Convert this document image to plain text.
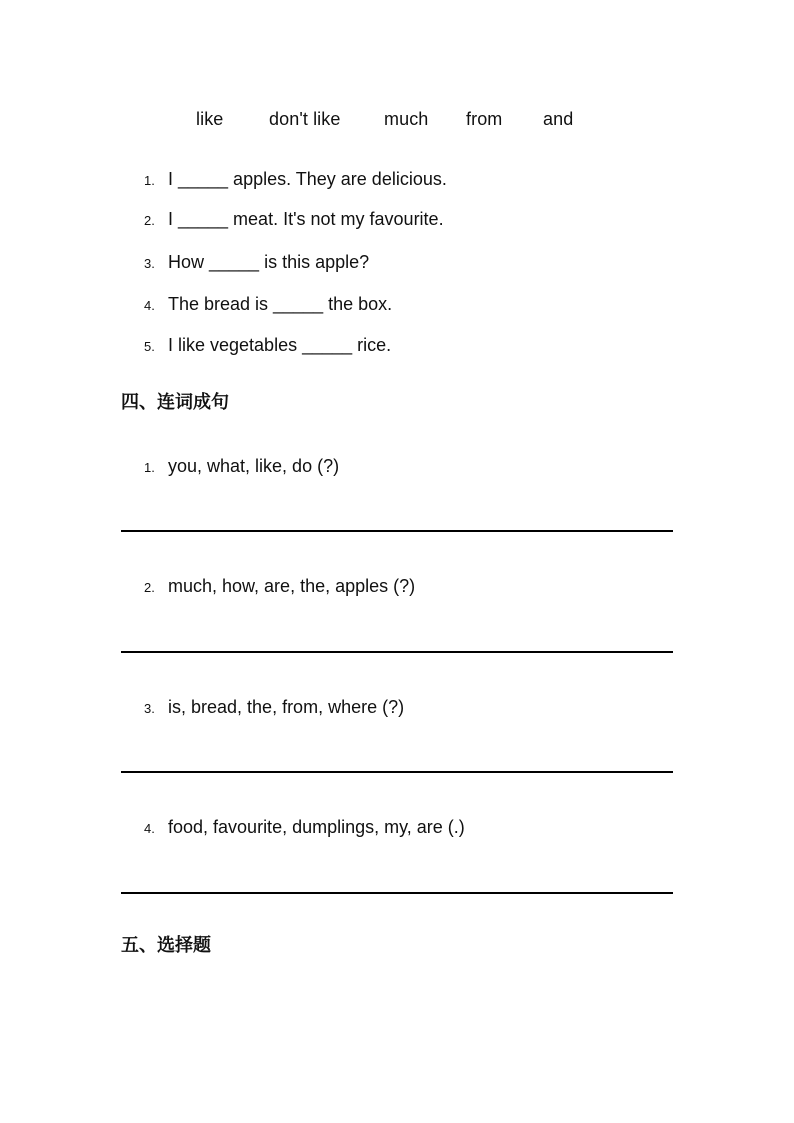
like	don't like much from and
1. I _____ apples. They are delicious.
2. I _____ meat. It's not my favourite.
3. How _____ is this apple?
4. The bread is _____ the box.
5. I like vegetables _____ rice.
四、连词成句
1. you, what, like, do (?)
2. much, how, are, the, apples (?)
3. is, bread, the, from, where (?)
4. food, favourite, dumplings, my, are (.)
五、选择题
